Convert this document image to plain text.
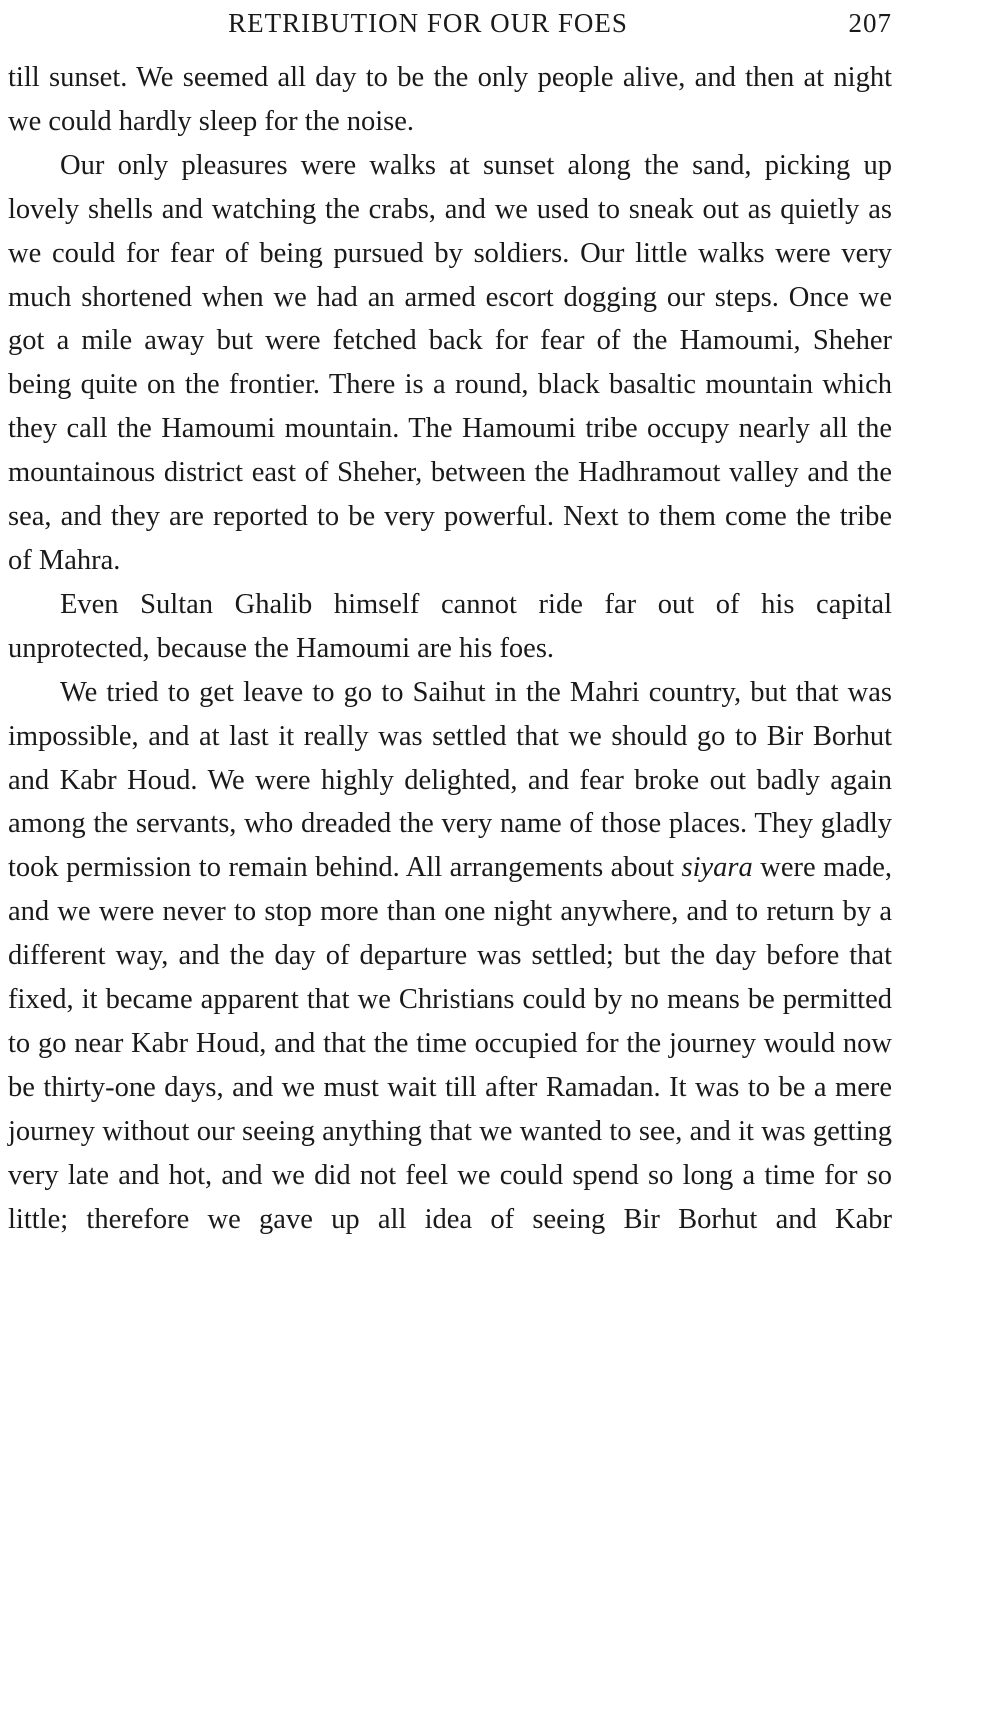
RETRIBUTION FOR OUR FOES	207

till sunset. We seemed all day to be the only people alive, and then at night we could hardly sleep for the noise.

Our only pleasures were walks at sunset along the sand, picking up lovely shells and watching the crabs, and we used to sneak out as quietly as we could for fear of being pursued by soldiers. Our little walks were very much shortened when we had an armed escort dogging our steps. Once we got a mile away but were fetched back for fear of the Hamoumi, Sheher being quite on the frontier. There is a round, black basaltic mountain which they call the Hamoumi mountain. The Hamoumi tribe occupy nearly all the mountainous district east of Sheher, between the Hadhramout valley and the sea, and they are reported to be very powerful. Next to them come the tribe of Mahra.

Even Sultan Ghalib himself cannot ride far out of his capital unprotected, because the Hamoumi are his foes.

We tried to get leave to go to Saihut in the Mahri country, but that was impossible, and at last it really was settled that we should go to Bir Borhut and Kabr Houd. We were highly delighted, and fear broke out badly again among the servants, who dreaded the very name of those places. They gladly took permission to remain behind. All arrangements about siyara were made, and we were never to stop more than one night anywhere, and to return by a different way, and the day of departure was settled; but the day before that fixed, it became apparent that we Christians could by no means be permitted to go near Kabr Houd, and that the time occupied for the journey would now be thirty-one days, and we must wait till after Ramadan. It was to be a mere journey without our seeing anything that we wanted to see, and it was getting very late and hot, and we did not feel we could spend so long a time for so little; therefore we gave up all idea of seeing Bir Borhut and Kabr
